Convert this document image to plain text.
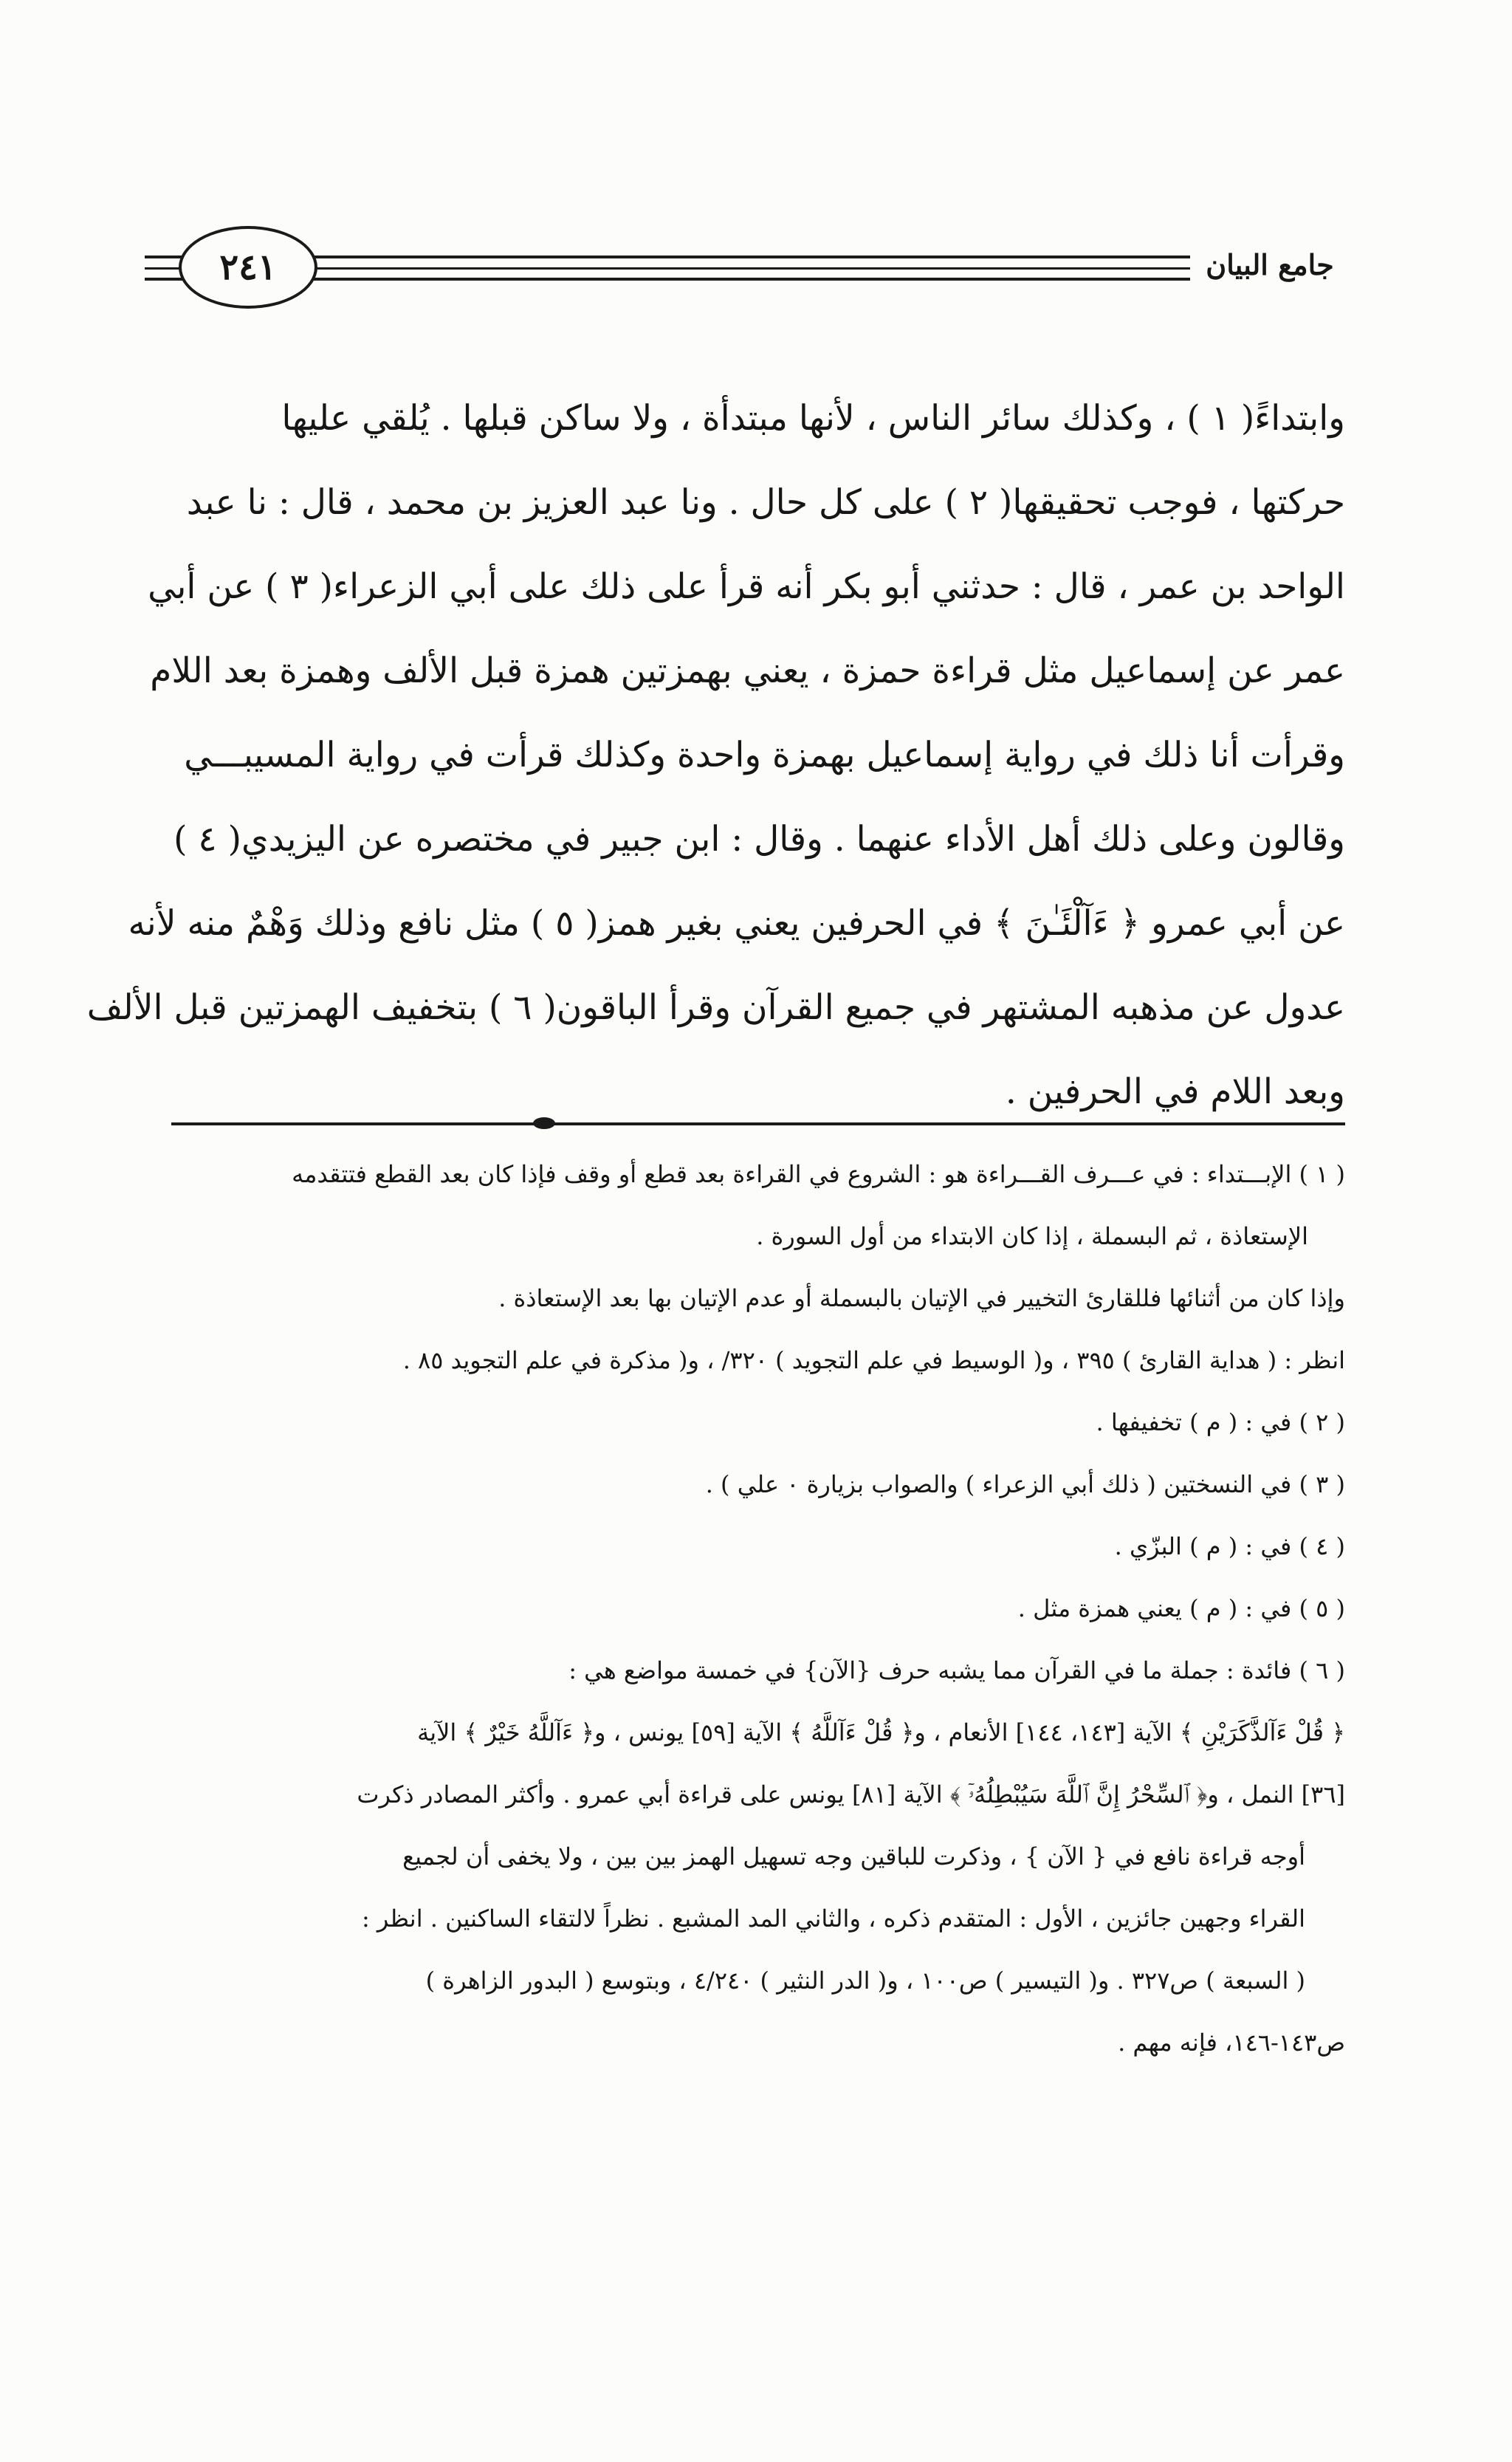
٢٤١	جامع البيان
وابتداءً( ١ ) ، وكذلك سائر الناس ، لأنها مبتدأة ، ولا ساكن قبلها . يُلقي عليها
حركتها ، فوجب تحقيقها( ٢ ) على كل حال . ونا عبد العزيز بن محمد ، قال : نا عبد
الواحد بن عمر ، قال : حدثني أبو بكر أنه قرأ على ذلك على أبي الزعراء( ٣ ) عن أبي
عمر عن إسماعيل مثل قراءة حمزة ، يعني بهمزتين همزة قبل الألف وهمزة بعد اللام
وقرأت أنا ذلك في رواية إسماعيل بهمزة واحدة وكذلك قرأت في رواية المسيبـــي
وقالون وعلى ذلك أهل الأداء عنهما . وقال : ابن جبير في مختصره عن اليزيدي( ٤ )
عن أبي عمرو ﴿ ءَآلْئَـٰنَ ﴾ في الحرفين يعني بغير همز( ٥ ) مثل نافع وذلك وَهْمٌ منه لأنه
عدول عن مذهبه المشتهر في جميع القرآن وقرأ الباقون( ٦ ) بتخفيف الهمزتين قبل الألف
وبعد اللام في الحرفين .
( ١ ) الإبـــتداء : في عـــرف القـــراءة هو : الشروع في القراءة بعد قطع أو وقف فإذا كان بعد القطع فتتقدمه
الإستعاذة ، ثم البسملة ، إذا كان الابتداء من أول السورة .
وإذا كان من أثنائها فللقارئ التخيير في الإتيان بالبسملة أو عدم الإتيان بها بعد الإستعاذة .
انظر : ( هداية القارئ ) ٣٩٥ ، و( الوسيط في علم التجويد ) ٣٢٠/ ، و( مذكرة في علم التجويد ٨٥ .
( ٢ ) في : ( م ) تخفيفها .
( ٣ ) في النسختين ( ذلك أبي الزعراء ) والصواب بزيارة ٠ علي ) .
( ٤ ) في : ( م ) البزّي .
( ٥ ) في : ( م ) يعني همزة مثل .
( ٦ ) فائدة : جملة ما في القرآن مما يشبه حرف {الآن} في خمسة مواضع هي :
﴿ قُلْ ءَآلذَّكَرَيْنِ ﴾ الآية [١٤٣، ١٤٤] الأنعام ، و﴿ قُلْ ءَآللَّهُ ﴾ الآية [٥٩] يونس ، و﴿ ءَآللَّهُ خَيْرٌ ﴾ الآية
[٣٦] النمل ، و﴿ ٱلسِّحْرُ إِنَّ ٱللَّهَ سَيُبْطِلُهُۥٓ ﴾ الآية [٨١] يونس على قراءة أبي عمرو . وأكثر المصادر ذكرت
أوجه قراءة نافع في { الآن } ، وذكرت للباقين وجه تسهيل الهمز بين بين ، ولا يخفى أن لجميع
القراء وجهين جائزين ، الأول : المتقدم ذكره ، والثاني المد المشبع . نظراً لالتقاء الساكنين . انظر :
( السبعة ) ص٣٢٧ . و( التيسير ) ص١٠٠ ، و( الدر النثير ) ٤/٢٤٠ ، وبتوسع ( البدور الزاهرة )
ص١٤٣-١٤٦، فإنه مهم .
